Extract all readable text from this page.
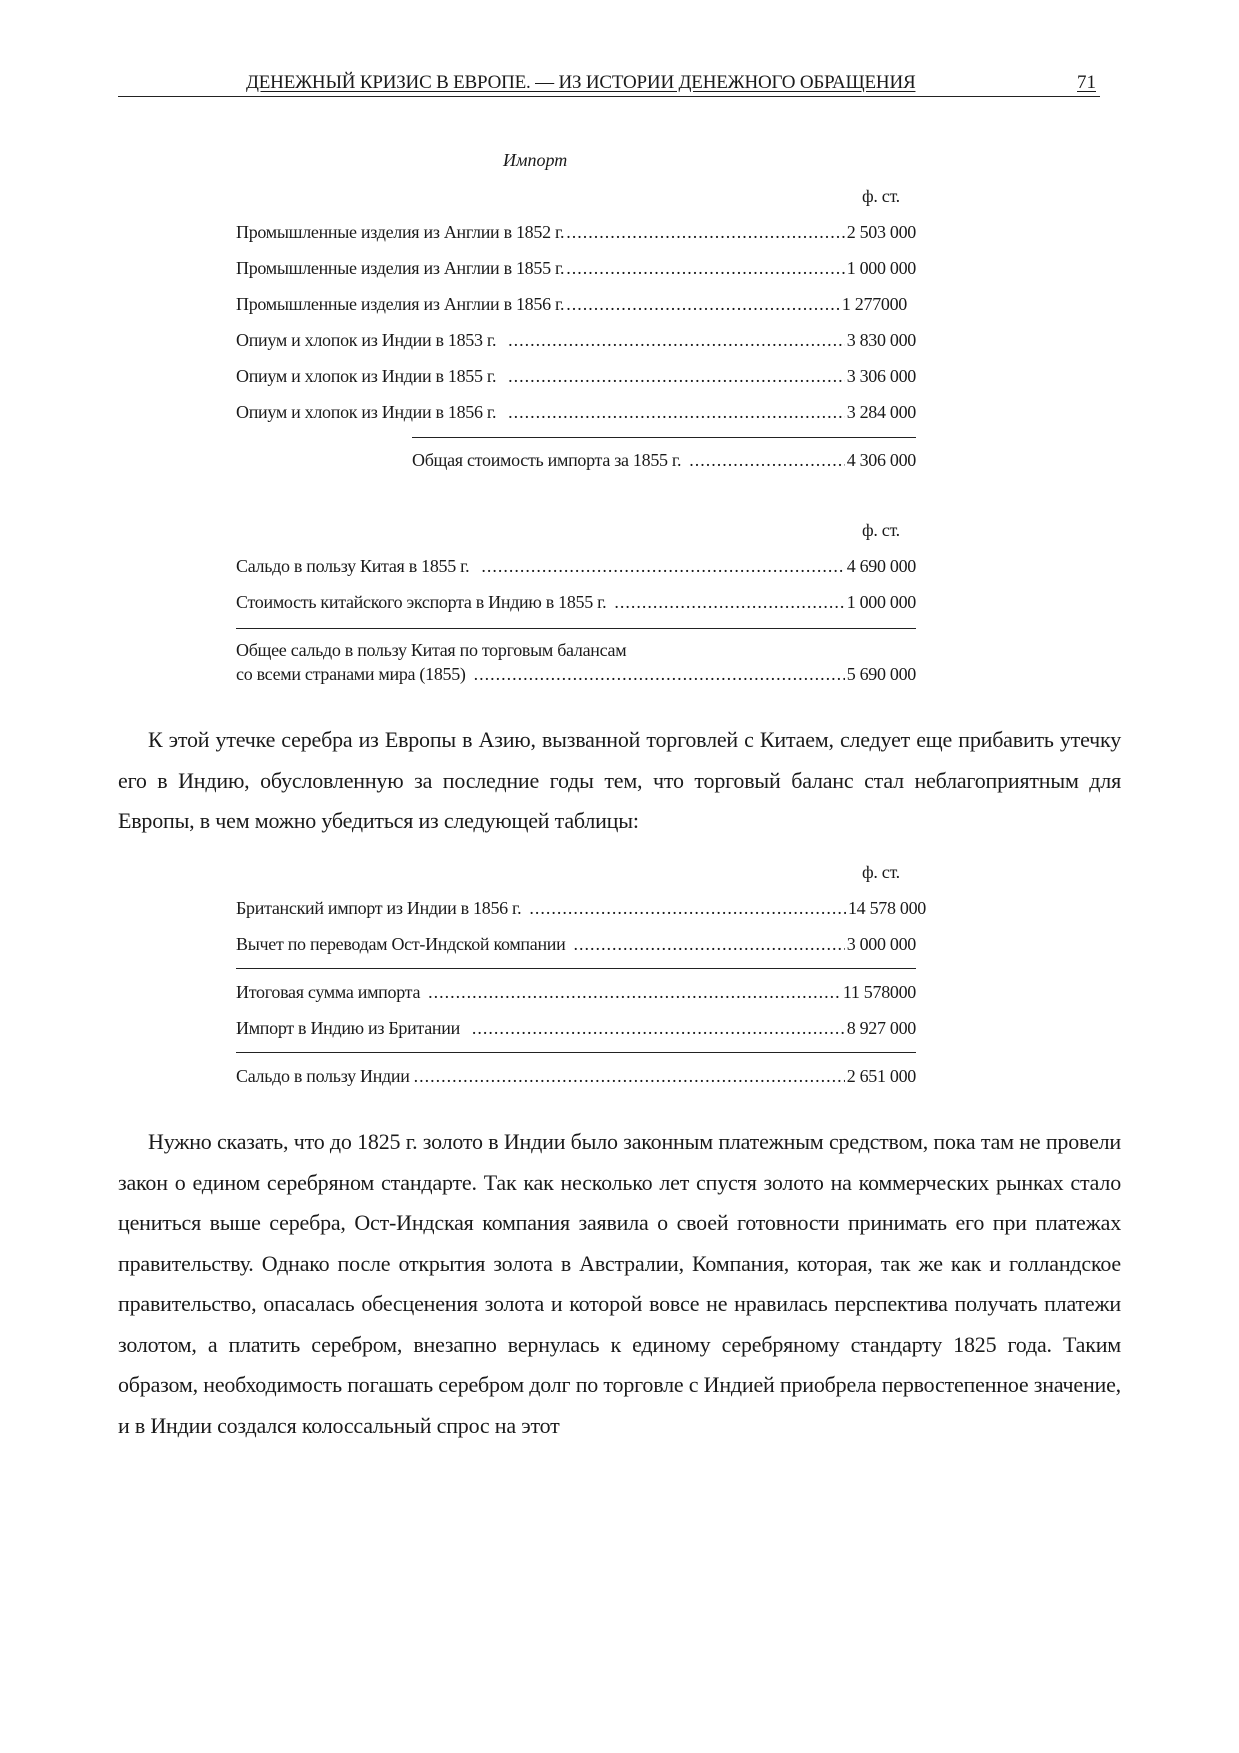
ДЕНЕЖНЫЙ КРИЗИС В ЕВРОПЕ. — ИЗ ИСТОРИИ ДЕНЕЖНОГО ОБРАЩЕНИЯ	71
Импорт
ф. ст.
Промышленные изделия из Англии в 1852 г. .....	2 503 000
Промышленные изделия из Англии в 1855 г. .....	1 000 000
Промышленные изделия из Англии в 1856 г. .....	1 277000
Опиум и хлопок из Индии в 1853 г. .....	3 830 000
Опиум и хлопок из Индии в 1855 г. .....	3 306 000
Опиум и хлопок из Индии в 1856 г. .....	3 284 000
Общая стоимость импорта за 1855 г. .....	4 306 000
ф. ст.
Сальдо в пользу Китая в 1855 г. .....	4 690 000
Стоимость китайского экспорта в Индию в 1855 г. .....	1 000 000
Общее сальдо в пользу Китая по торговым балансам
со всеми странами мира (1855) .....	5 690 000

К этой утечке серебра из Европы в Азию, вызванной торговлей с Китаем, следует еще прибавить утечку его в Индию, обусловленную за последние годы тем, что торговый баланс стал неблагоприятным для Европы, в чем можно убедиться из следующей таблицы:

ф. ст.
Британский импорт из Индии в 1856 г. .....	14 578 000
Вычет по переводам Ост-Индской компании .....	3 000 000
Итоговая сумма импорта .....	11 578000
Импорт в Индию из Британии .....	8 927 000
Сальдо в пользу Индии .....	2 651 000

Нужно сказать, что до 1825 г. золото в Индии было законным платежным средством, пока там не провели закон о едином серебряном стандарте. Так как несколько лет спустя золото на коммерческих рынках стало цениться выше серебра, Ост-Индская компания заявила о своей готовности принимать его при платежах правительству. Однако после открытия золота в Австралии, Компания, которая, так же как и голландское правительство, опасалась обесценения золота и которой вовсе не нравилась перспектива получать платежи золотом, а платить серебром, внезапно вернулась к единому серебряному стандарту 1825 года. Таким образом, необходимость погашать серебром долг по торговле с Индией приобрела первостепенное значение, и в Индии создался колоссальный спрос на этот
